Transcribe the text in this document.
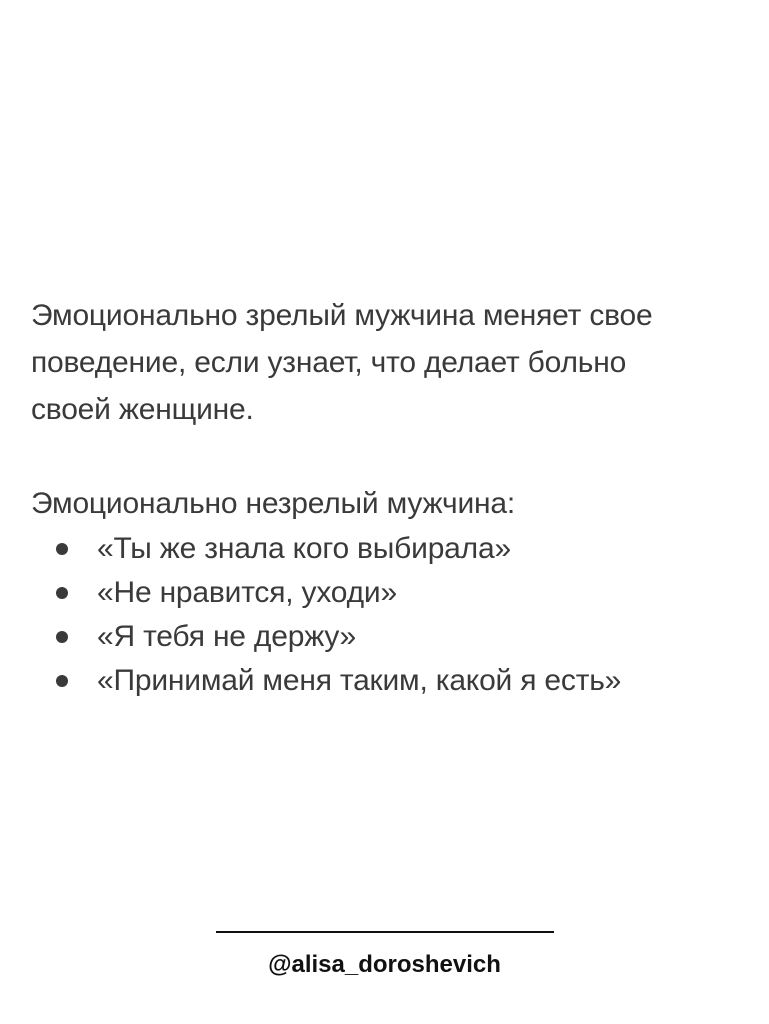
Эмоционально зрелый мужчина меняет свое
поведение, если узнает, что делает больно
своей женщине.

Эмоционально незрелый мужчина:

«Ты же знала кого выбирала»
«Не нравится, уходи»
«Я тебя не держу»
«Принимай меня таким, какой я есть»
@alisa_doroshevich
